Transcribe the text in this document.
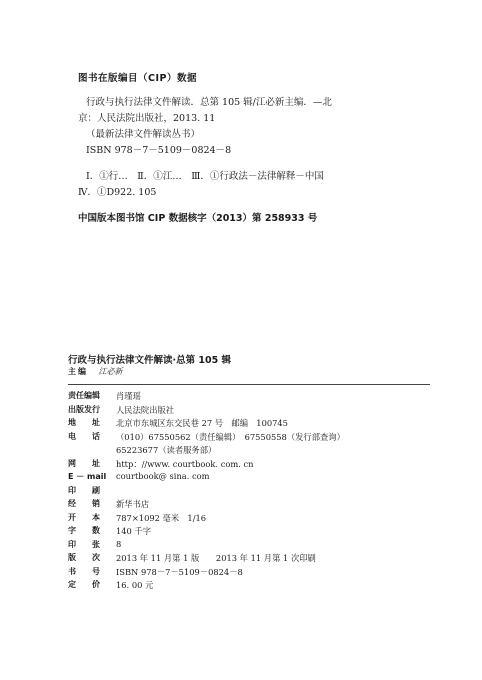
图书在版编目（CIP）数据
行政与执行法律文件解读．总第 105 辑/江必新主编．—北
京：人民法院出版社，2013. 11
（最新法律文件解读丛书）
ISBN 978－7－5109－0824－8
Ⅰ．①行…　Ⅱ．①江…　Ⅲ．①行政法－法律解释－中国
Ⅳ．①D922. 105
中国版本图书馆 CIP 数据核字（2013）第 258933 号
行政与执行法律文件解读·总第 105 辑
主编 江必新
责任编辑	肖瑾瑶
出版发行	人民法院出版社
地　　址	北京市东城区东交民巷 27 号　邮编　100745
电　　话	（010）67550562（责任编辑）　67550558（发行部查询）
65223677（读者服务部）
网　　址	http：//www. courtbook. com. cn
E － mail courtbook@ sina. com
印　　刷
经　　销	新华书店
开　　本	787×1092 毫米　1/16
字　　数	140 千字
印　　张	8
版　　次	2013 年 11 月第 1 版　　2013 年 11 月第 1 次印刷
书　　号	ISBN 978－7－5109－0824－8
定　　价	16. 00 元
